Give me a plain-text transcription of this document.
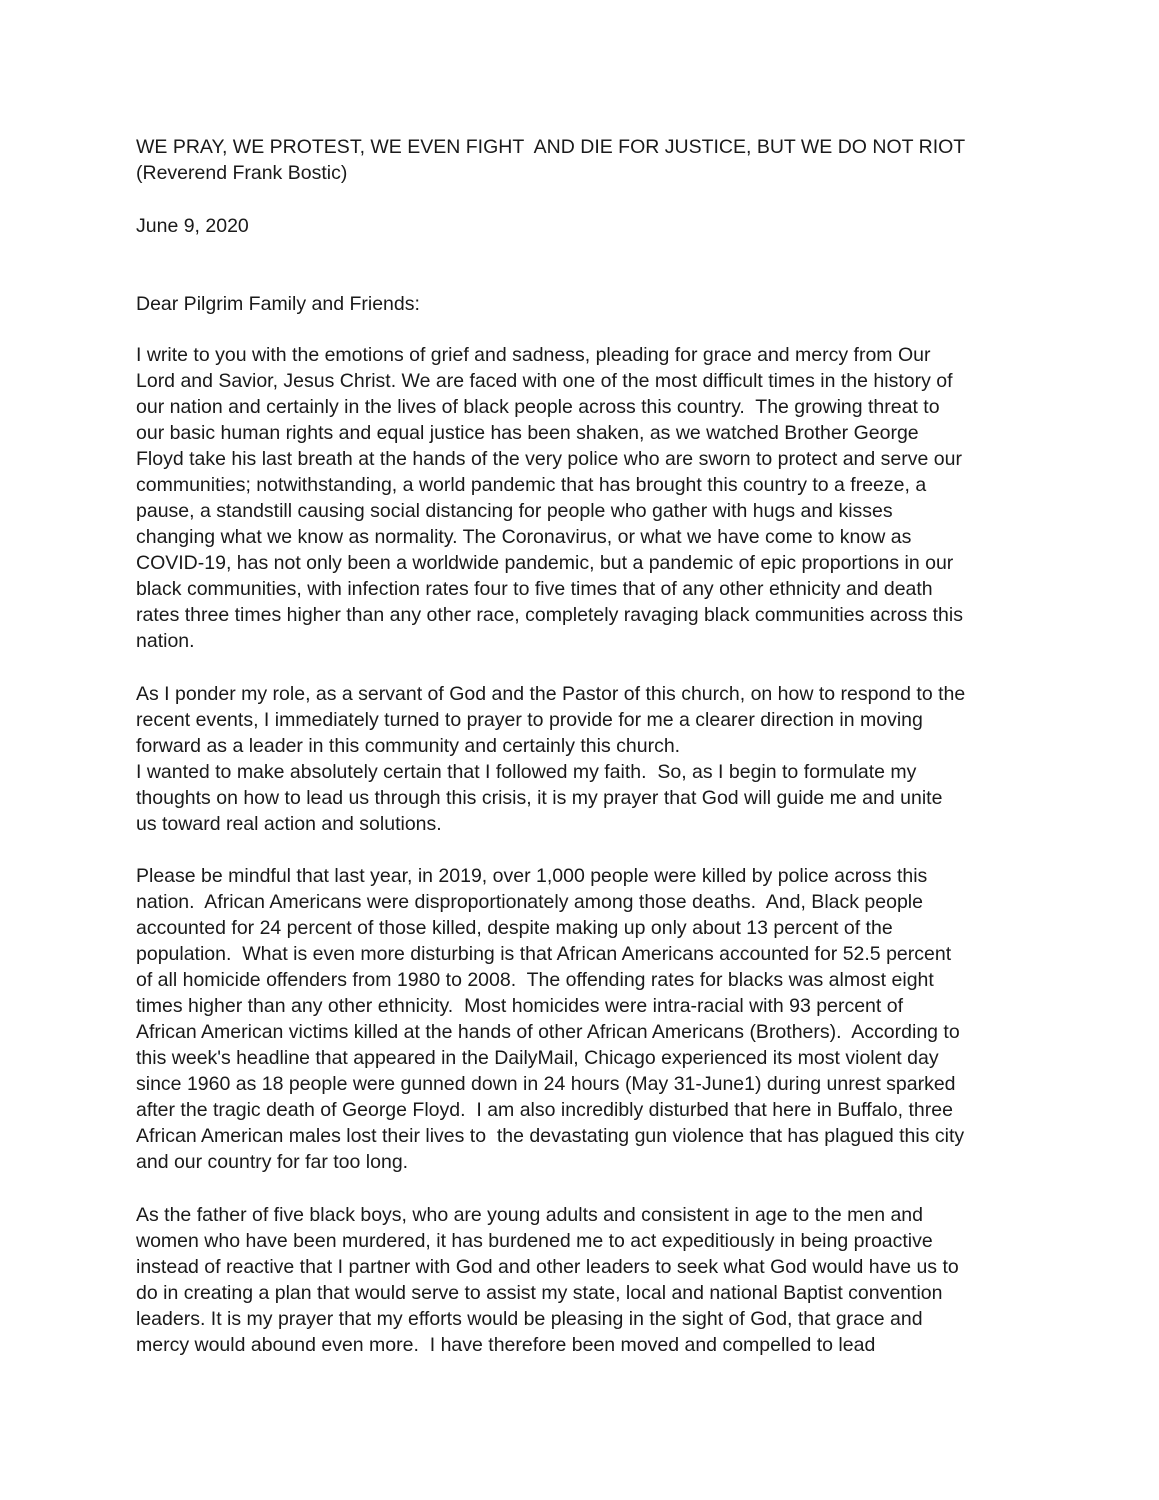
WE PRAY, WE PROTEST, WE EVEN FIGHT  AND DIE FOR JUSTICE, BUT WE DO NOT RIOT
(Reverend Frank Bostic)
June 9, 2020
Dear Pilgrim Family and Friends:
I write to you with the emotions of grief and sadness, pleading for grace and mercy from Our
Lord and Savior, Jesus Christ. We are faced with one of the most difficult times in the history of
our nation and certainly in the lives of black people across this country.  The growing threat to
our basic human rights and equal justice has been shaken, as we watched Brother George
Floyd take his last breath at the hands of the very police who are sworn to protect and serve our
communities; notwithstanding, a world pandemic that has brought this country to a freeze, a
pause, a standstill causing social distancing for people who gather with hugs and kisses
changing what we know as normality. The Coronavirus, or what we have come to know as
COVID-19, has not only been a worldwide pandemic, but a pandemic of epic proportions in our
black communities, with infection rates four to five times that of any other ethnicity and death
rates three times higher than any other race, completely ravaging black communities across this
nation.
As I ponder my role, as a servant of God and the Pastor of this church, on how to respond to the
recent events, I immediately turned to prayer to provide for me a clearer direction in moving
forward as a leader in this community and certainly this church.
I wanted to make absolutely certain that I followed my faith.  So, as I begin to formulate my
thoughts on how to lead us through this crisis, it is my prayer that God will guide me and unite
us toward real action and solutions.
Please be mindful that last year, in 2019, over 1,000 people were killed by police across this
nation.  African Americans were disproportionately among those deaths.  And, Black people
accounted for 24 percent of those killed, despite making up only about 13 percent of the
population.  What is even more disturbing is that African Americans accounted for 52.5 percent
of all homicide offenders from 1980 to 2008.  The offending rates for blacks was almost eight
times higher than any other ethnicity.  Most homicides were intra-racial with 93 percent of
African American victims killed at the hands of other African Americans (Brothers).  According to
this week's headline that appeared in the DailyMail, Chicago experienced its most violent day
since 1960 as 18 people were gunned down in 24 hours (May 31-June1) during unrest sparked
after the tragic death of George Floyd.  I am also incredibly disturbed that here in Buffalo, three
African American males lost their lives to  the devastating gun violence that has plagued this city
and our country for far too long.
As the father of five black boys, who are young adults and consistent in age to the men and
women who have been murdered, it has burdened me to act expeditiously in being proactive
instead of reactive that I partner with God and other leaders to seek what God would have us to
do in creating a plan that would serve to assist my state, local and national Baptist convention
leaders. It is my prayer that my efforts would be pleasing in the sight of God, that grace and
mercy would abound even more.  I have therefore been moved and compelled to lead
